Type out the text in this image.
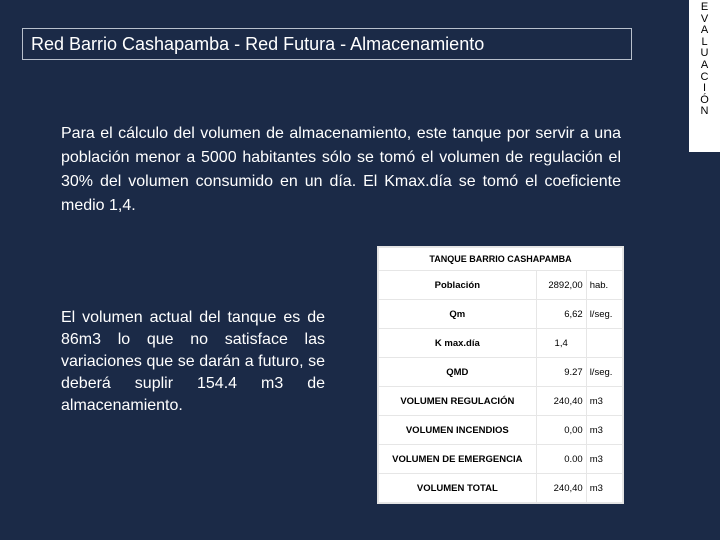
Red Barrio Cashapamba - Red Futura - Almacenamiento
E
V
A
L
U
A
C
I
Ó
N

Para el cálculo del volumen de almacenamiento, este tanque por servir a una población menor a 5000 habitantes sólo se tomó el volumen de regulación el 30% del volumen consumido en un día. El Kmax.día se tomó el coeficiente medio 1,4.

El volumen actual del tanque es de 86m3 lo que no satisface las variaciones que se darán a futuro, se deberá suplir 154.4 m3 de almacenamiento.

TANQUE BARRIO CASHAPAMBA		
Población	2892,00	hab.
Qm	6,62	l/seg.
K max.día	1,4	
QMD	9.27	l/seg.
VOLUMEN REGULACIÓN	240,40	m3
VOLUMEN INCENDIOS	0,00	m3
VOLUMEN DE EMERGENCIA	0.00	m3
VOLUMEN TOTAL	240,40	m3
